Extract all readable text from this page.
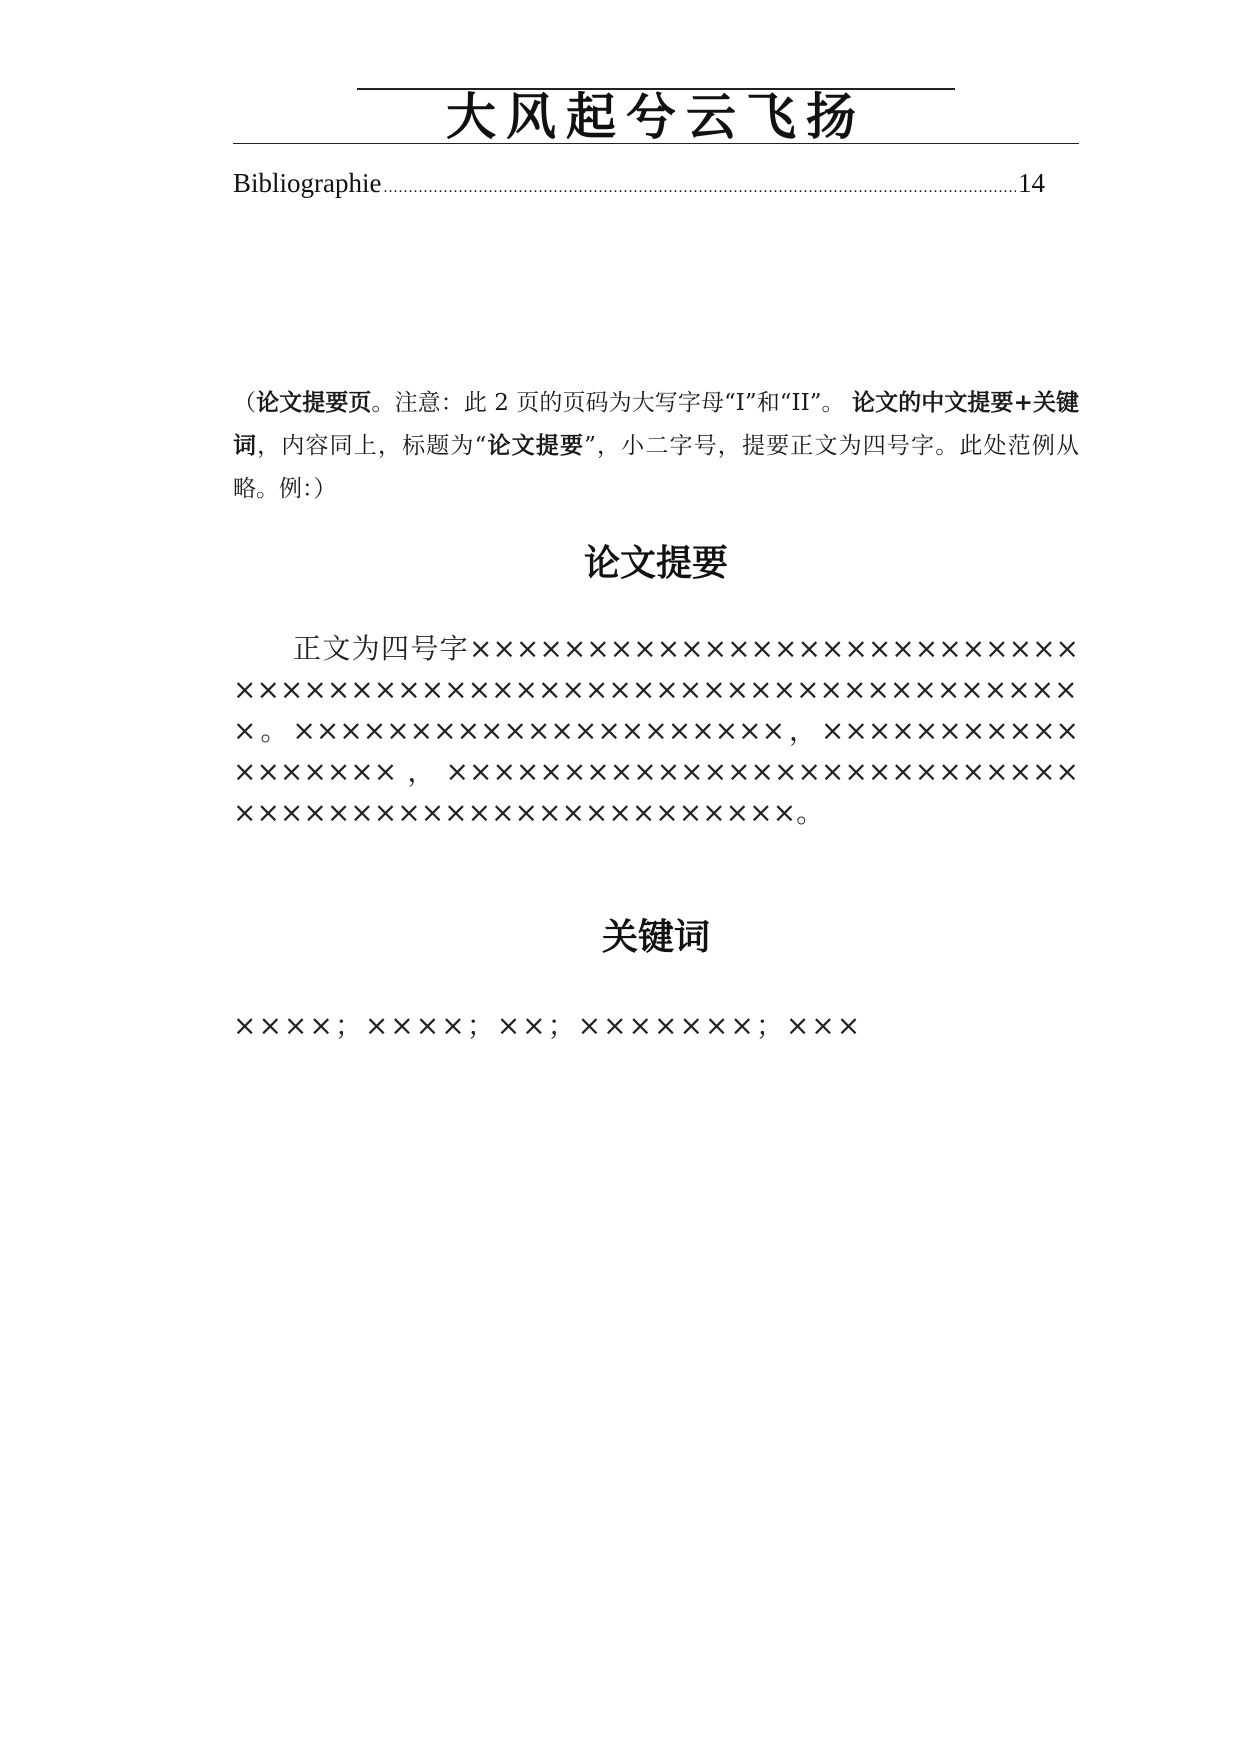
大风起兮云飞扬
Bibliographie
.....	14
（论文提要页。注意：此 2 页的页码为大写字母“I”和“II”。 论文的中文提要+关键词，内容同上，标题为“论文提要”，小二字号，提要正文为四号字。此处范例从略。例：）
论文提要
正文为四号字×××××××××××××××××××××××××××××××××××××××××××××××××××××××××××××××。×××××××××××××××××××××，××××××××××××××××××，×××××××××××××××××××××××××××××××××××××××××××××××××××。
关键词
××××；××××；××；×××××××；×××
